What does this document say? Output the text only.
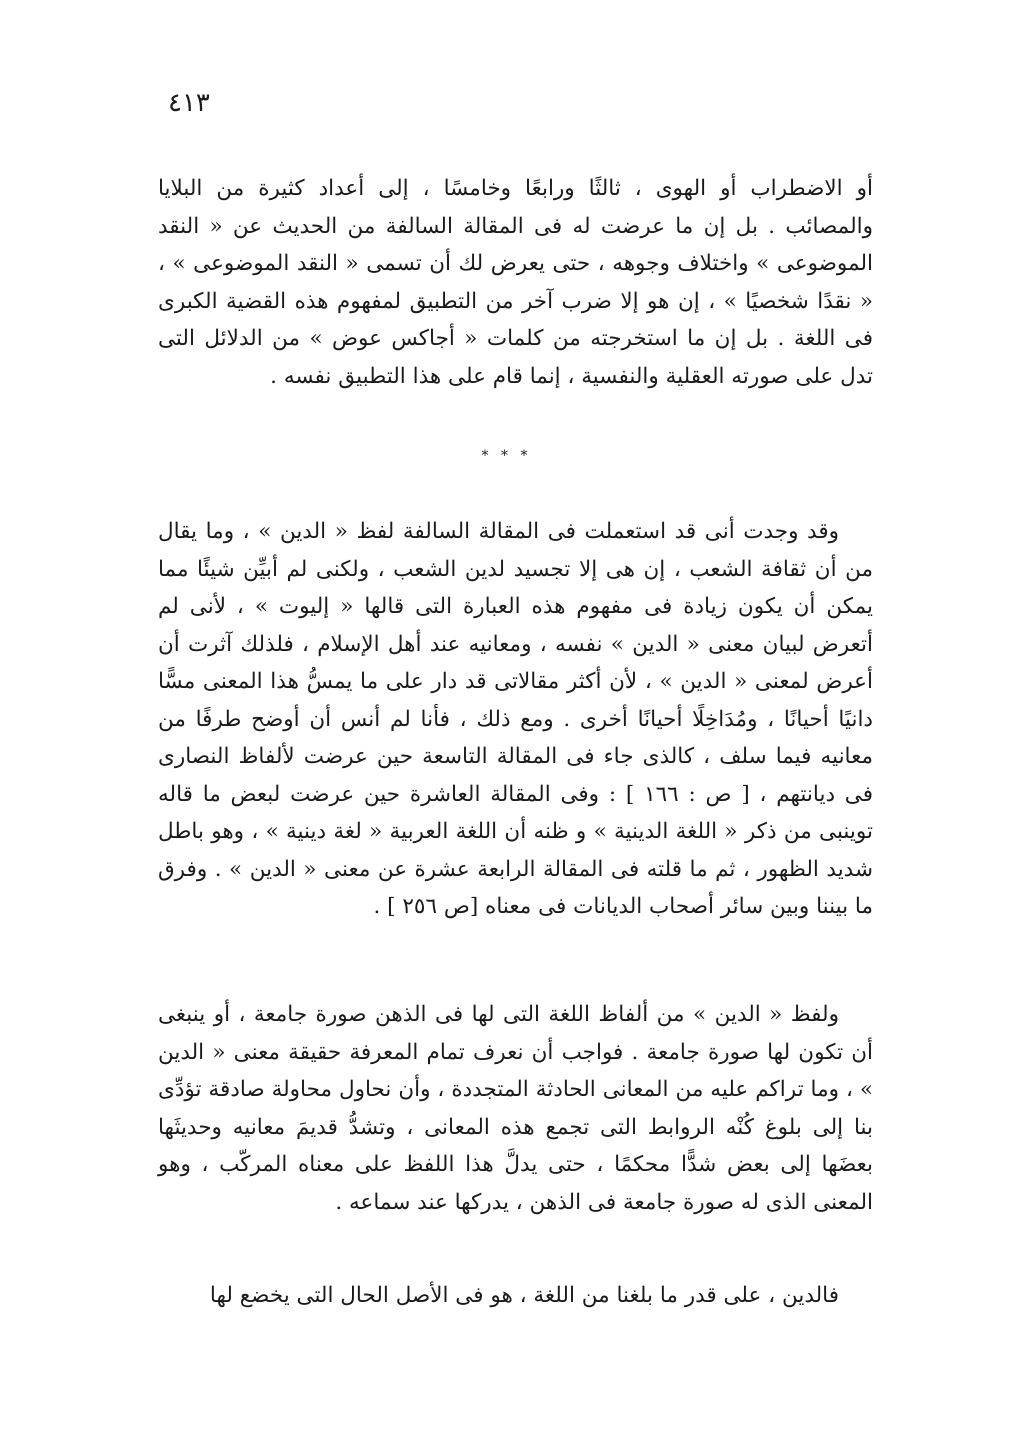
٤١٣

أو الاضطراب أو الهوى ، ثالثًا ورابعًا وخامسًا ، إلى أعداد كثيرة من البلايا والمصائب . بل إن ما عرضت له فى المقالة السالفة من الحديث عن « النقد الموضوعى » واختلاف وجوهه ، حتى يعرض لك أن تسمى « النقد الموضوعى » ، « نقدًا شخصيًا » ، إن هو إلا ضرب آخر من التطبيق لمفهوم هذه القضية الكبرى فى اللغة . بل إن ما استخرجته من كلمات « أجاكس عوض » من الدلائل التى تدل على صورته العقلية والنفسية ، إنما قام على هذا التطبيق نفسه .

* * *

وقد وجدت أنى قد استعملت فى المقالة السالفة لفظ « الدين » ، وما يقال من أن ثقافة الشعب ، إن هى إلا تجسيد لدين الشعب ، ولكنى لم أبيِّن شيئًا مما يمكن أن يكون زيادة فى مفهوم هذه العبارة التى قالها « إليوت » ، لأنى لم أتعرض لبيان معنى « الدين » نفسه ، ومعانيه عند أهل الإسلام ، فلذلك آثرت أن أعرض لمعنى « الدين » ، لأن أكثر مقالاتى قد دار على ما يمسُّ هذا المعنى مسًّا دانيًا أحيانًا ، ومُدَاخِلًا أحيانًا أخرى . ومع ذلك ، فأنا لم أنس أن أوضح طرفًا من معانيه فيما سلف ، كالذى جاء فى المقالة التاسعة حين عرضت لألفاظ النصارى فى ديانتهم ، [ ص : ١٦٦ ] : وفى المقالة العاشرة حين عرضت لبعض ما قاله توينبى من ذكر « اللغة الدينية » و ظنه أن اللغة العربية « لغة دينية » ، وهو باطل شديد الظهور ، ثم ما قلته فى المقالة الرابعة عشرة عن معنى « الدين » . وفرق ما بيننا وبين سائر أصحاب الديانات فى معناه [ص ٢٥٦ ] .

ولفظ « الدين » من ألفاظ اللغة التى لها فى الذهن صورة جامعة ، أو ينبغى أن تكون لها صورة جامعة . فواجب أن نعرف تمام المعرفة حقيقة معنى « الدين » ، وما تراكم عليه من المعانى الحادثة المتجددة ، وأن نحاول محاولة صادقة تؤدِّى بنا إلى بلوغ كُنْه الروابط التى تجمع هذه المعانى ، وتشدُّ قديمَ معانيه وحديثَها بعضَها إلى بعض شدًّا محكمًا ، حتى يدلَّ هذا اللفظ على معناه المركّب ، وهو المعنى الذى له صورة جامعة فى الذهن ، يدركها عند سماعه .

فالدين ، على قدر ما بلغنا من اللغة ، هو فى الأصل الحال التى يخضع لها
